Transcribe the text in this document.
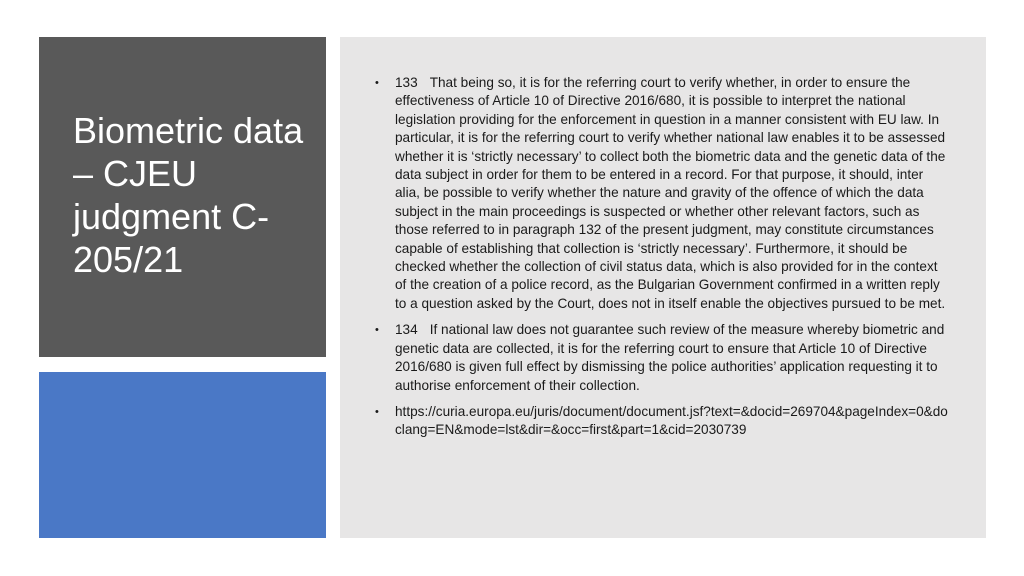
Biometric data – CJEU judgment C-205/21
•	133 That being so, it is for the referring court to verify whether, in order to ensure the effectiveness of Article 10 of Directive 2016/680, it is possible to interpret the national legislation providing for the enforcement in question in a manner consistent with EU law. In particular, it is for the referring court to verify whether national law enables it to be assessed whether it is ‘strictly necessary’ to collect both the biometric data and the genetic data of the data subject in order for them to be entered in a record. For that purpose, it should, inter alia, be possible to verify whether the nature and gravity of the offence of which the data subject in the main proceedings is suspected or whether other relevant factors, such as those referred to in paragraph 132 of the present judgment, may constitute circumstances capable of establishing that collection is ‘strictly necessary’. Furthermore, it should be checked whether the collection of civil status data, which is also provided for in the context of the creation of a police record, as the Bulgarian Government confirmed in a written reply to a question asked by the Court, does not in itself enable the objectives pursued to be met.
•	134 If national law does not guarantee such review of the measure whereby biometric and genetic data are collected, it is for the referring court to ensure that Article 10 of Directive 2016/680 is given full effect by dismissing the police authorities’ application requesting it to authorise enforcement of their collection.
•	https://curia.europa.eu/juris/document/document.jsf?text=&docid=269704&pageIndex=0&doclang=EN&mode=lst&dir=&occ=first&part=1&cid=2030739
